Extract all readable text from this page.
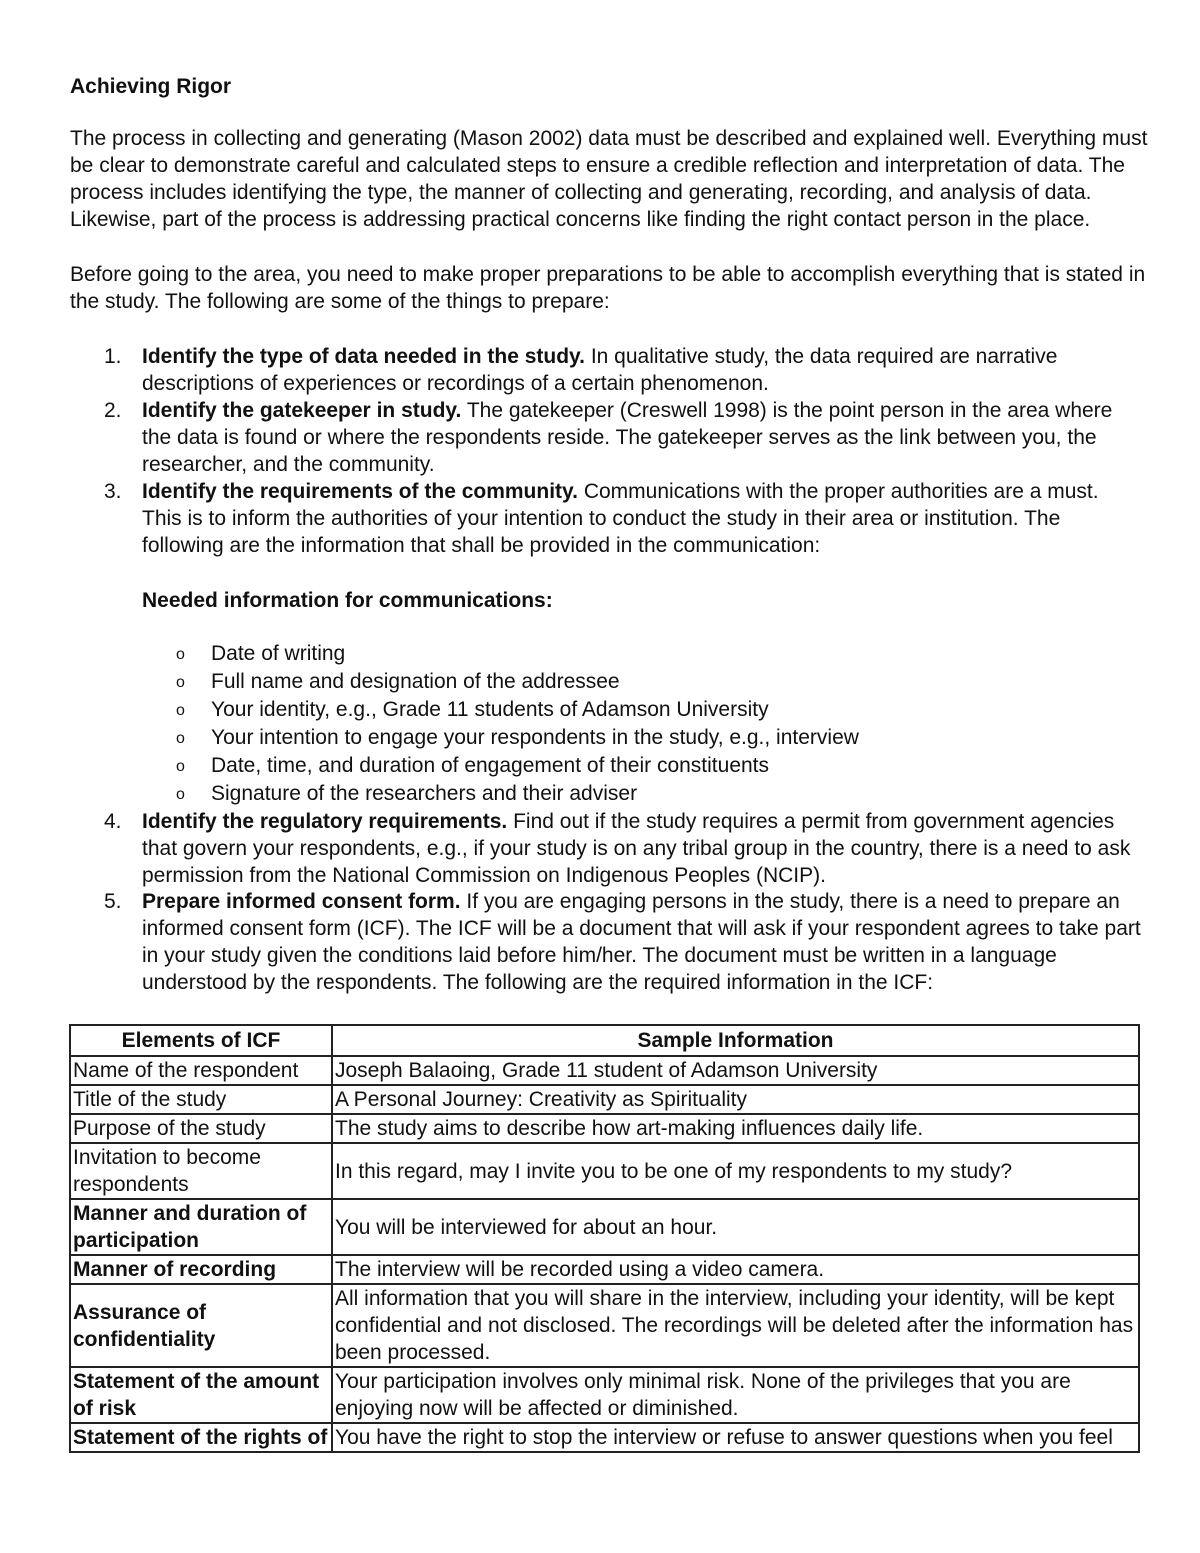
Achieving Rigor

The process in collecting and generating (Mason 2002) data must be described and explained well. Everything must be clear to demonstrate careful and calculated steps to ensure a credible reflection and interpretation of data. The process includes identifying the type, the manner of collecting and generating, recording, and analysis of data. Likewise, part of the process is addressing practical concerns like finding the right contact person in the place.

Before going to the area, you need to make proper preparations to be able to accomplish everything that is stated in the study. The following are some of the things to prepare:

1. Identify the type of data needed in the study. In qualitative study, the data required are narrative descriptions of experiences or recordings of a certain phenomenon.
2. Identify the gatekeeper in study. The gatekeeper (Creswell 1998) is the point person in the area where the data is found or where the respondents reside. The gatekeeper serves as the link between you, the researcher, and the community.
3. Identify the requirements of the community. Communications with the proper authorities are a must. This is to inform the authorities of your intention to conduct the study in their area or institution. The following are the information that shall be provided in the communication:
Needed information for communications:
o Date of writing
o Full name and designation of the addressee
o Your identity, e.g., Grade 11 students of Adamson University
o Your intention to engage your respondents in the study, e.g., interview
o Date, time, and duration of engagement of their constituents
o Signature of the researchers and their adviser
4. Identify the regulatory requirements. Find out if the study requires a permit from government agencies that govern your respondents, e.g., if your study is on any tribal group in the country, there is a need to ask permission from the National Commission on Indigenous Peoples (NCIP).
5. Prepare informed consent form. If you are engaging persons in the study, there is a need to prepare an informed consent form (ICF). The ICF will be a document that will ask if your respondent agrees to take part in your study given the conditions laid before him/her. The document must be written in a language understood by the respondents. The following are the required information in the ICF:
Elements of ICF	Sample Information
Name of the respondent	Joseph Balaoing, Grade 11 student of Adamson University
Title of the study	A Personal Journey: Creativity as Spirituality
Purpose of the study	The study aims to describe how art-making influences daily life.
Invitation to become respondents	In this regard, may I invite you to be one of my respondents to my study?
Manner and duration of participation	You will be interviewed for about an hour.
Manner of recording	The interview will be recorded using a video camera.
Assurance of confidentiality	All information that you will share in the interview, including your identity, will be kept confidential and not disclosed. The recordings will be deleted after the information has been processed.
Statement of the amount of risk	Your participation involves only minimal risk. None of the privileges that you are enjoying now will be affected or diminished.
Statement of the rights of	You have the right to stop the interview or refuse to answer questions when you feel
